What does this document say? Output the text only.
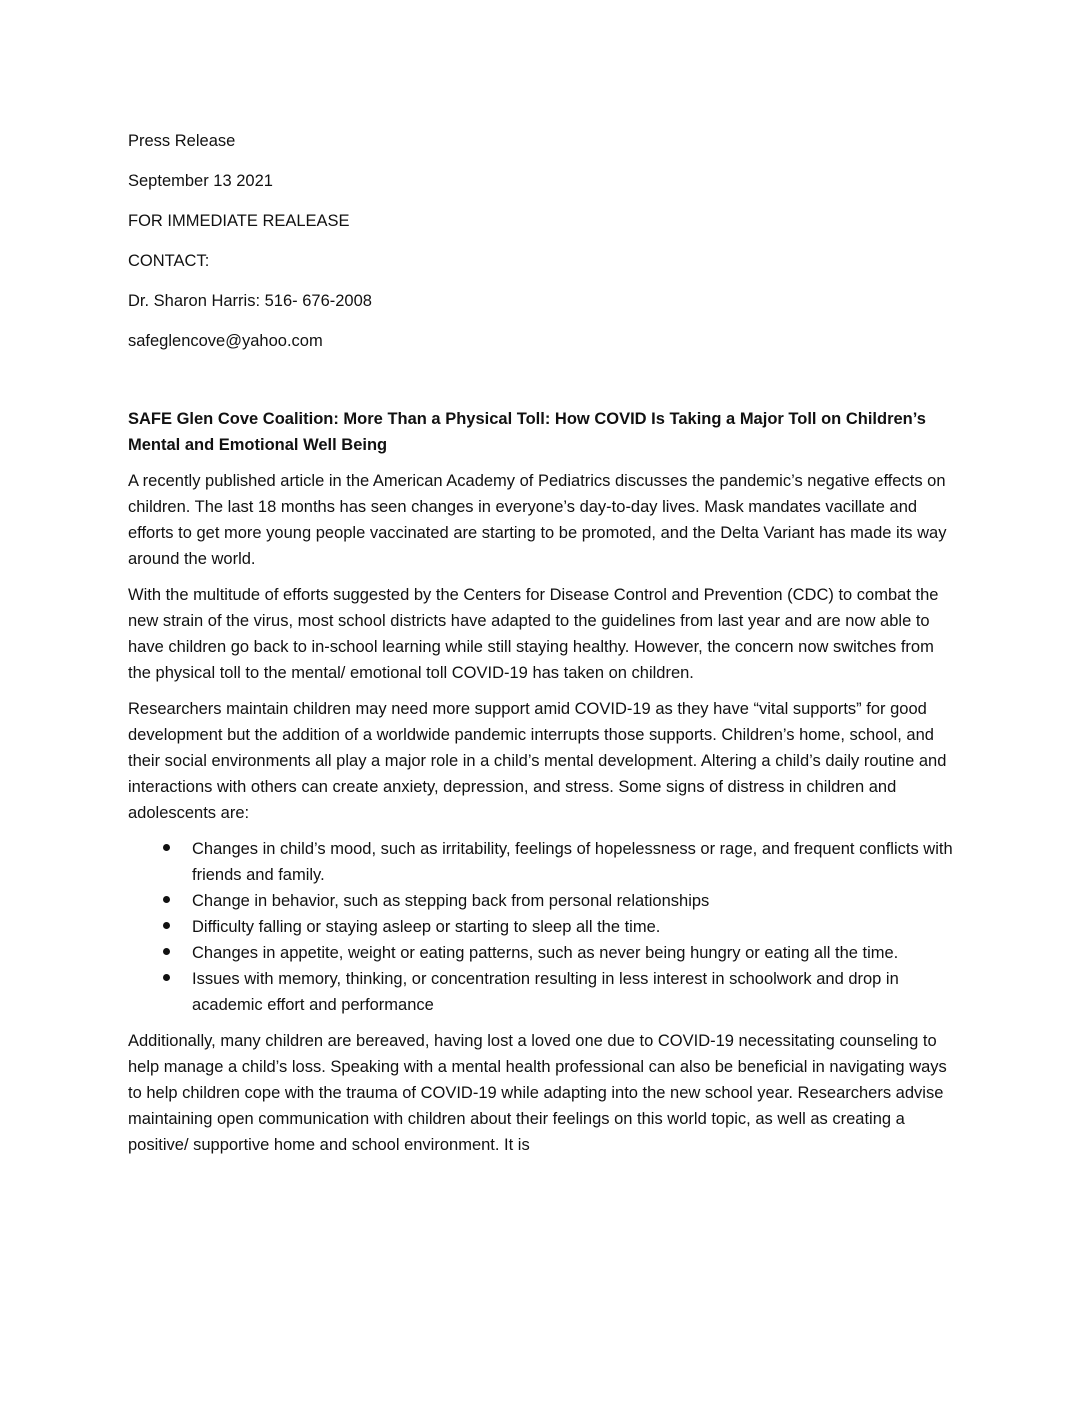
Press Release

September 13 2021

FOR IMMEDIATE REALEASE

CONTACT:

Dr. Sharon Harris: 516- 676-2008

safeglencove@yahoo.com

SAFE Glen Cove Coalition: More Than a Physical Toll: How COVID Is Taking a Major Toll on Children’s Mental and Emotional Well Being

A recently published article in the American Academy of Pediatrics discusses the pandemic’s negative effects on children. The last 18 months has seen changes in everyone’s day-to-day lives. Mask mandates vacillate and efforts to get more young people vaccinated are starting to be promoted, and the Delta Variant has made its way around the world.

With the multitude of efforts suggested by the Centers for Disease Control and Prevention (CDC) to combat the new strain of the virus, most school districts have adapted to the guidelines from last year and are now able to have children go back to in-school learning while still staying healthy. However, the concern now switches from the physical toll to the mental/ emotional toll COVID-19 has taken on children.

Researchers maintain children may need more support amid COVID-19 as they have “vital supports” for good development but the addition of a worldwide pandemic interrupts those supports. Children’s home, school, and their social environments all play a major role in a child’s mental development. Altering a child’s daily routine and interactions with others can create anxiety, depression, and stress. Some signs of distress in children and adolescents are:

Changes in child’s mood, such as irritability, feelings of hopelessness or rage, and frequent conflicts with friends and family.
Change in behavior, such as stepping back from personal relationships
Difficulty falling or staying asleep or starting to sleep all the time.
Changes in appetite, weight or eating patterns, such as never being hungry or eating all the time.
Issues with memory, thinking, or concentration resulting in less interest in schoolwork and drop in academic effort and performance

Additionally, many children are bereaved, having lost a loved one due to COVID-19 necessitating counseling to help manage a child’s loss. Speaking with a mental health professional can also be beneficial in navigating ways to help children cope with the trauma of COVID-19 while adapting into the new school year. Researchers advise maintaining open communication with children about their feelings on this world topic, as well as creating a positive/ supportive home and school environment. It is
